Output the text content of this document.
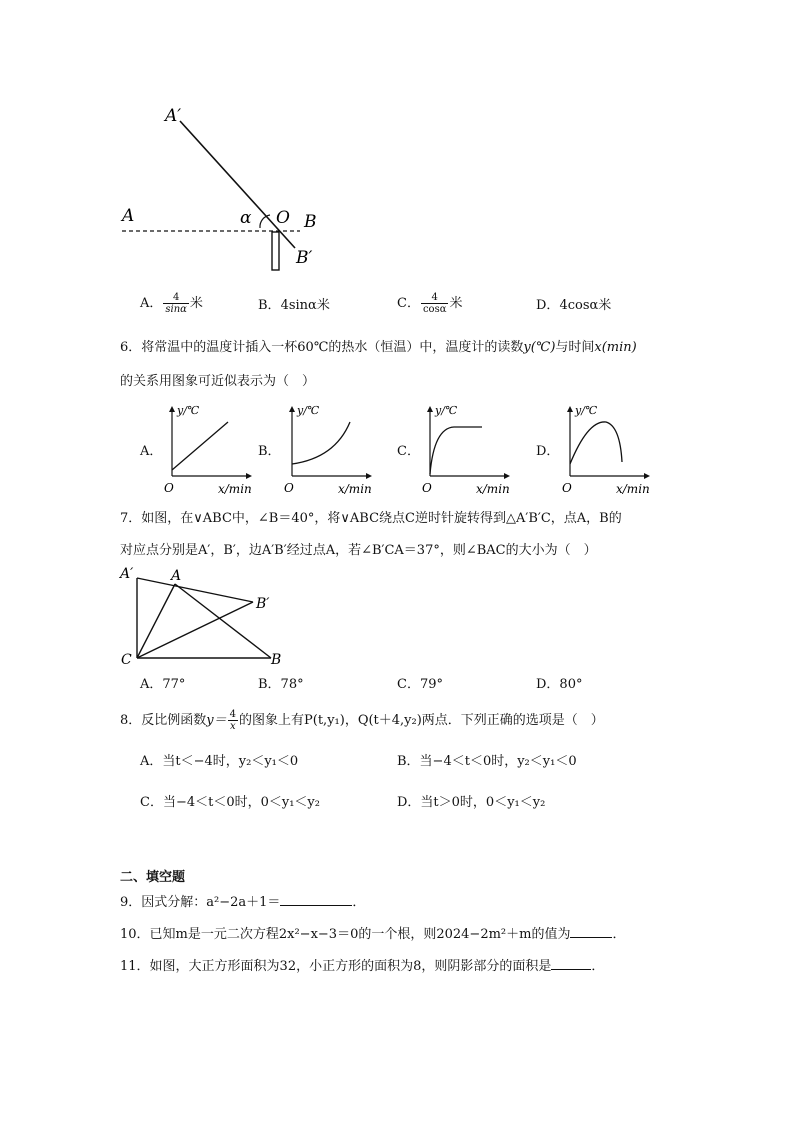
A′
A	α O B
B′
A． $\frac{4}{\sin\alpha}$ 米	B．4sinα米	C． $\frac{4}{\cos\alpha}$ 米	D．4cosα米
6．将常温中的温度计插入一杯60℃的热水（恒温）中，温度计的读数y(℃)与时间x(min)
的关系用图象可近似表示为（　）
A．
y/℃
O	x/min
B．
y/℃
O	x/min
C．
y/℃
O	x/min
D．
y/℃
O	x/min
7．如图，在∨ABC中，∠B＝40°，将∨ABC绕点C逆时针旋转得到△A′B′C，点A，B的
对应点分别是A′，B′，边A′B′经过点A，若∠B′CA＝37°，则∠BAC的大小为（　）
A′	A
B′
C	B
A．77°	B．78°	C．79°	D．80°
8．反比例函数$y= \frac{4}{x}$ 的图象上有P(t,y₁)，Q(t＋4,y₂)两点．下列正确的选项是（　）
A．当t＜−4时，y₂＜y₁＜0	B．当−4＜t＜0时，y₂＜y₁＜0
C．当−4＜t＜0时，0＜y₁＜y₂	D．当t＞0时，0＜y₁＜y₂
二、填空题
9．因式分解：a²−2a＋1＝	．
10．已知m是一元二次方程2x²−x−3＝0的一个根，则2024−2m²＋m的值为	．
11．如图，大正方形面积为32，小正方形的面积为8，则阴影部分的面积是	．
